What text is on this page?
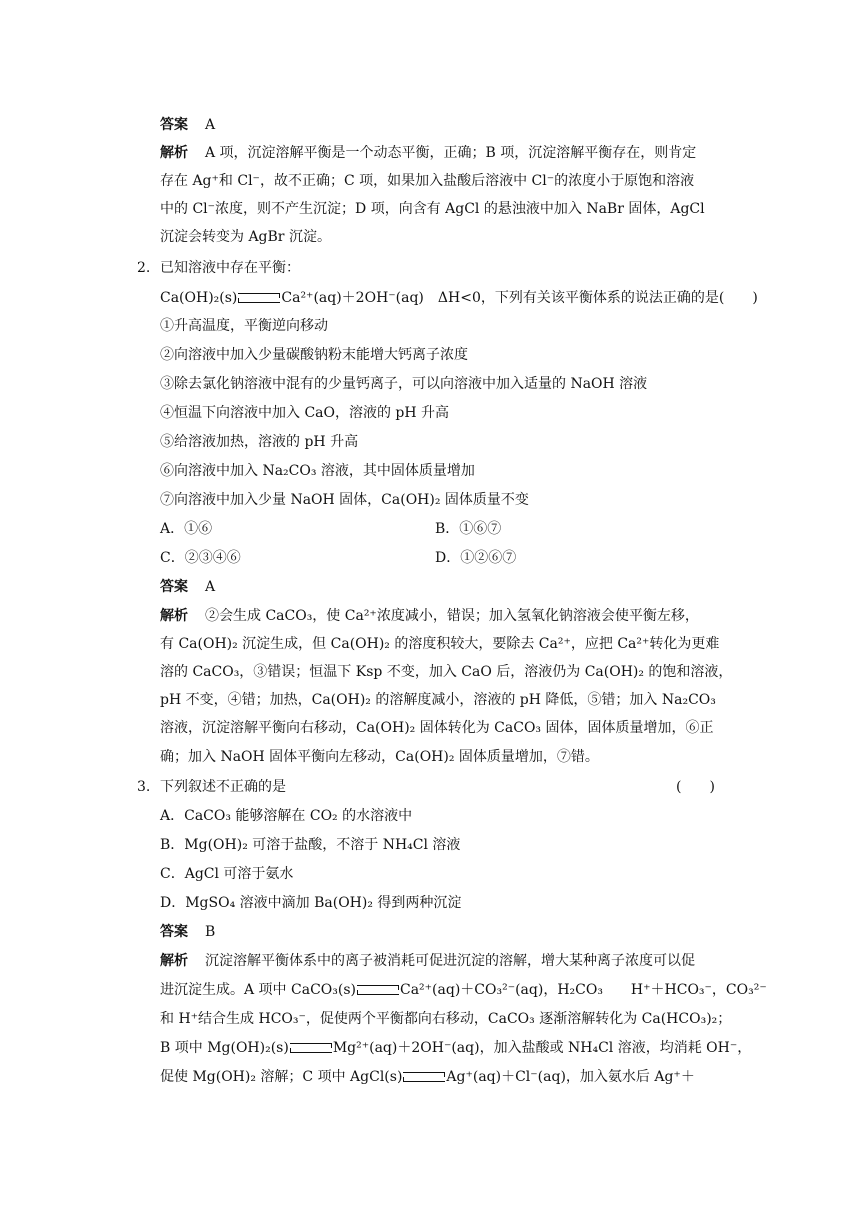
答案 A
解析 A 项，沉淀溶解平衡是一个动态平衡，正确；B 项，沉淀溶解平衡存在，则肯定
存在 Ag⁺和 Cl⁻，故不正确；C 项，如果加入盐酸后溶液中 Cl⁻的浓度小于原饱和溶液
中的 Cl⁻浓度，则不产生沉淀；D 项，向含有 AgCl 的悬浊液中加入 NaBr 固体，AgCl
沉淀会转变为 AgBr 沉淀。
2. 已知溶液中存在平衡：
Ca(OH)₂(s)	Ca²⁺(aq)＋2OH⁻(aq)　ΔH<0，下列有关该平衡体系的说法正确的是(　　)
①升高温度，平衡逆向移动
②向溶液中加入少量碳酸钠粉末能增大钙离子浓度
③除去氯化钠溶液中混有的少量钙离子，可以向溶液中加入适量的 NaOH 溶液
④恒温下向溶液中加入 CaO，溶液的 pH 升高
⑤给溶液加热，溶液的 pH 升高
⑥向溶液中加入 Na₂CO₃ 溶液，其中固体质量增加
⑦向溶液中加入少量 NaOH 固体，Ca(OH)₂ 固体质量不变
A．①⑥	B．①⑥⑦
C．②③④⑥	D．①②⑥⑦
答案 A
解析 ②会生成 CaCO₃，使 Ca²⁺浓度减小，错误；加入氢氧化钠溶液会使平衡左移，
有 Ca(OH)₂ 沉淀生成，但 Ca(OH)₂ 的溶度积较大，要除去 Ca²⁺，应把 Ca²⁺转化为更难
溶的 CaCO₃，③错误；恒温下 Ksp 不变，加入 CaO 后，溶液仍为 Ca(OH)₂ 的饱和溶液，
pH 不变，④错；加热，Ca(OH)₂ 的溶解度减小，溶液的 pH 降低，⑤错；加入 Na₂CO₃
溶液，沉淀溶解平衡向右移动，Ca(OH)₂ 固体转化为 CaCO₃ 固体，固体质量增加，⑥正
确；加入 NaOH 固体平衡向左移动，Ca(OH)₂ 固体质量增加，⑦错。
3. 下列叙述不正确的是	(　　)
A．CaCO₃ 能够溶解在 CO₂ 的水溶液中
B．Mg(OH)₂ 可溶于盐酸，不溶于 NH₄Cl 溶液
C．AgCl 可溶于氨水
D．MgSO₄ 溶液中滴加 Ba(OH)₂ 得到两种沉淀
答案 B
解析 沉淀溶解平衡体系中的离子被消耗可促进沉淀的溶解，增大某种离子浓度可以促
进沉淀生成。A 项中 CaCO₃(s)	Ca²⁺(aq)＋CO₃²⁻(aq)，H₂CO₃　　H⁺＋HCO₃⁻，CO₃²⁻
和 H⁺结合生成 HCO₃⁻，促使两个平衡都向右移动，CaCO₃ 逐渐溶解转化为 Ca(HCO₃)₂；
B 项中 Mg(OH)₂(s)	Mg²⁺(aq)＋2OH⁻(aq)，加入盐酸或 NH₄Cl 溶液，均消耗 OH⁻，
促使 Mg(OH)₂ 溶解；C 项中 AgCl(s)	Ag⁺(aq)＋Cl⁻(aq)，加入氨水后 Ag⁺＋
